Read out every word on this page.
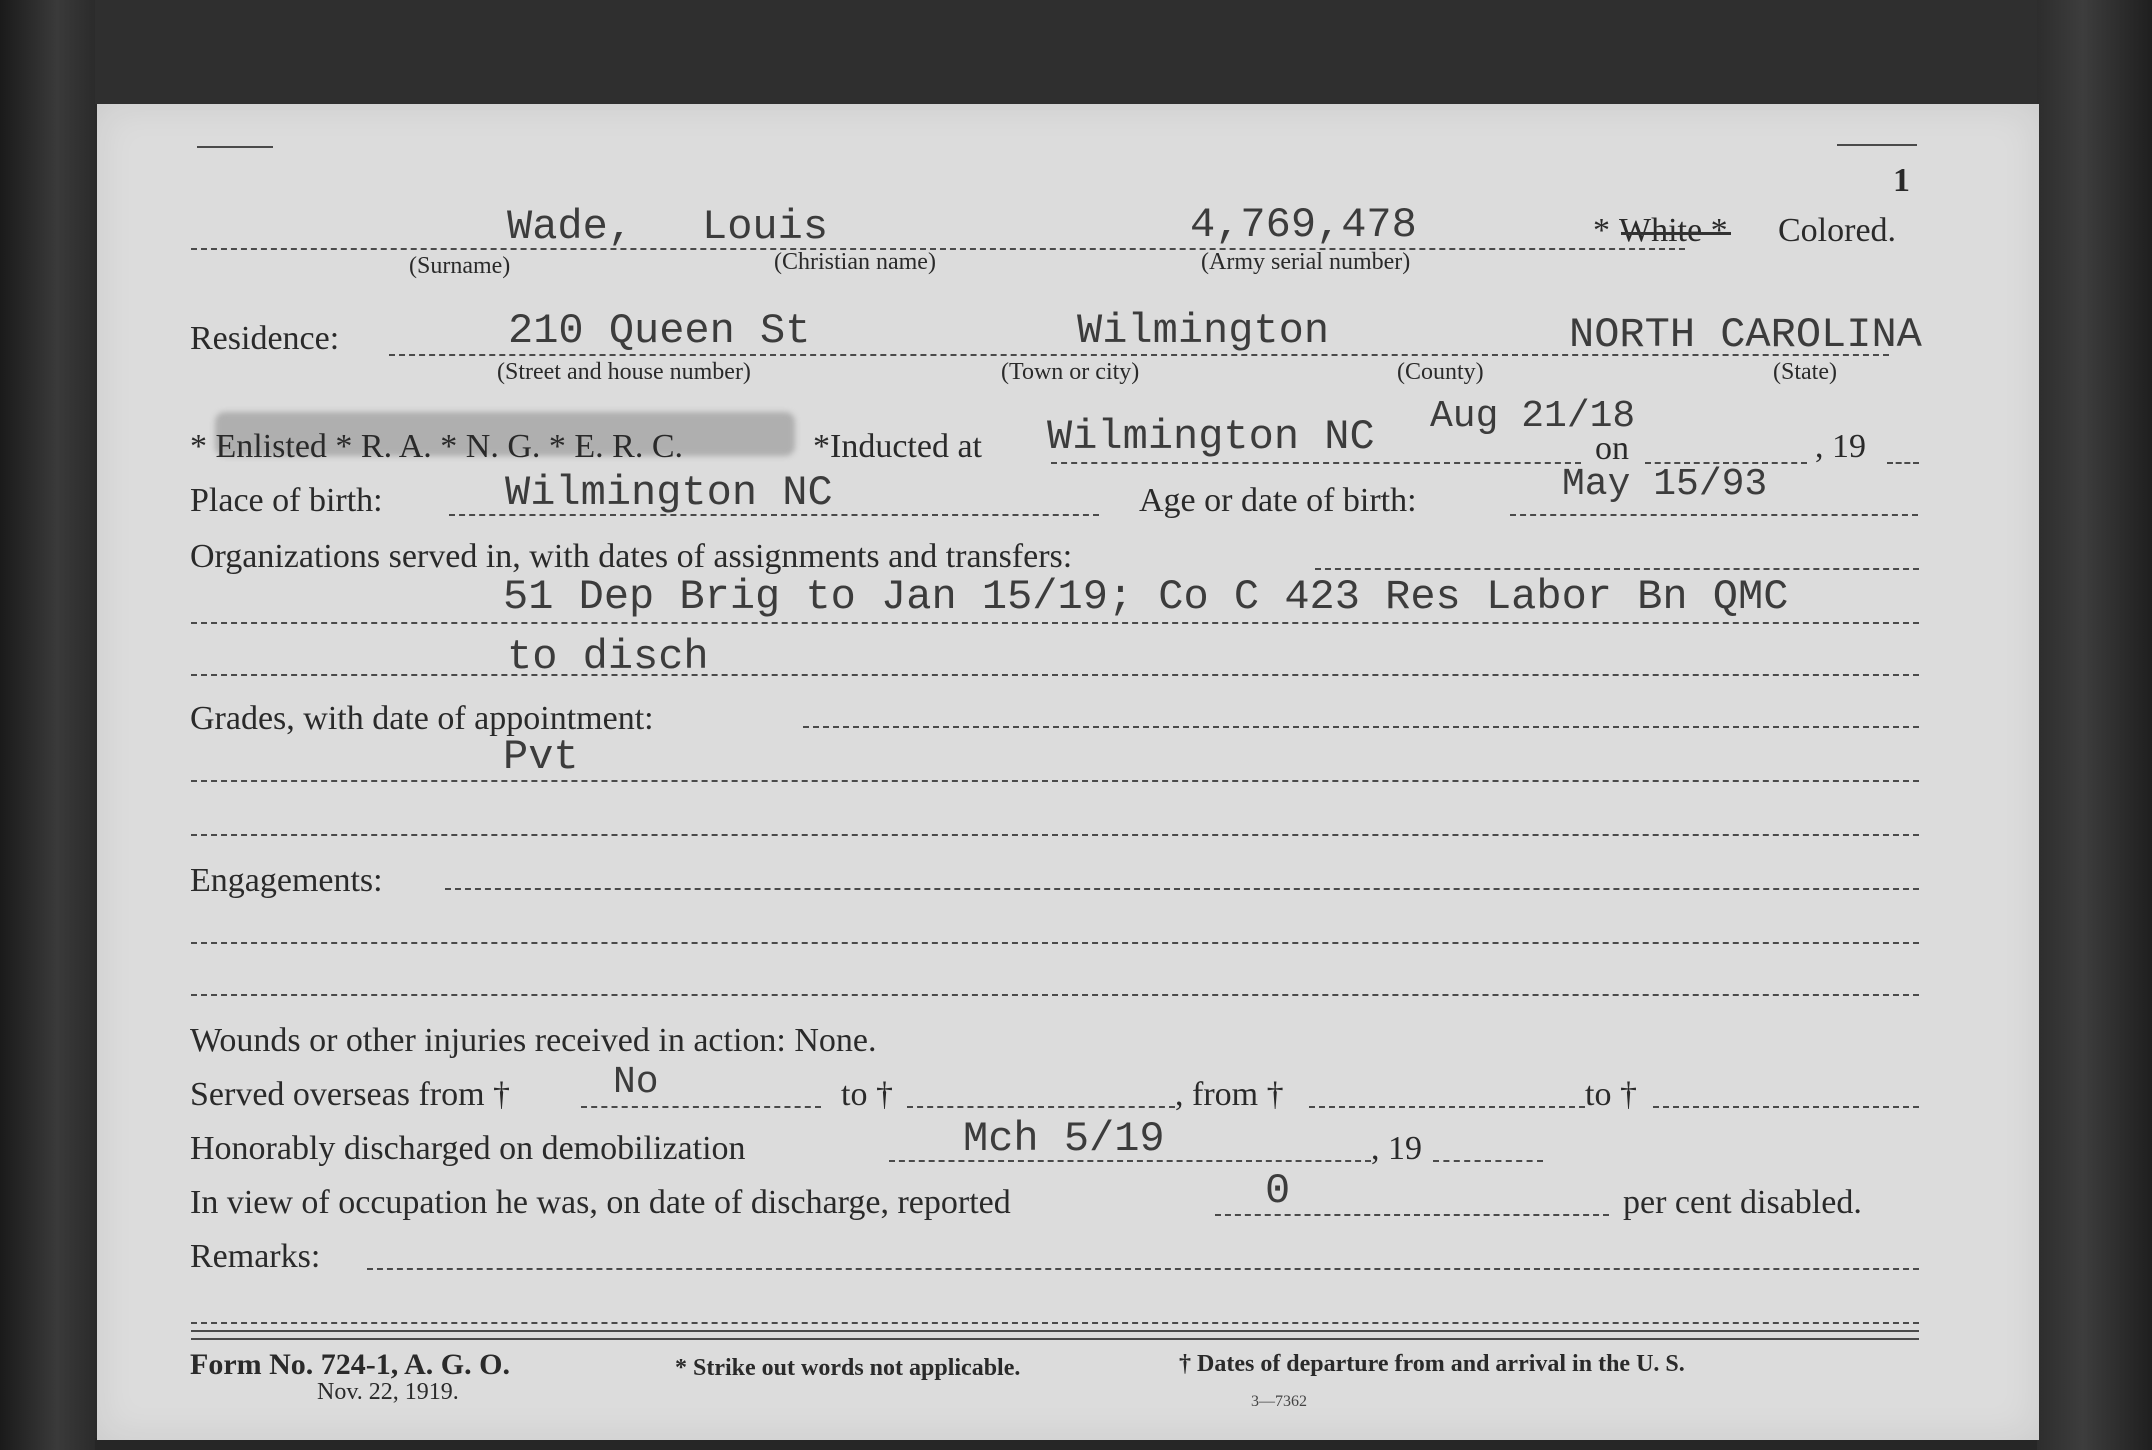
1
Wade, Louis	4,769,478	* White * Colored.
(Surname)	(Christian name)	(Army serial number)
Residence:	210 Queen St	Wilmington	NORTH CAROLINA
(Street and house number)	(Town or city)	(County)	(State)
* Enlisted * R. A. * N. G. * E. R. C.	*Inducted at Wilmington NC Aug 21/18
on	, 19
Place of birth:	Wilmington NC	Age or date of birth:	May 15/93
Organizations served in, with dates of assignments and transfers:
51 Dep Brig to Jan 15/19; Co C 423 Res Labor Bn QMC
to disch
Grades, with date of appointment:
Pvt
Engagements:
Wounds or other injuries received in action: None.
Served overseas from †	No	to †	, from †	to †
Honorably discharged on demobilization	Mch 5/19	, 19
In view of occupation he was, on date of discharge, reported	0	per cent disabled.
Remarks:
Form No. 724-1, A. G. O.
Nov. 22, 1919.
* Strike out words not applicable.	† Dates of departure from and arrival in the U. S.
3—7362
